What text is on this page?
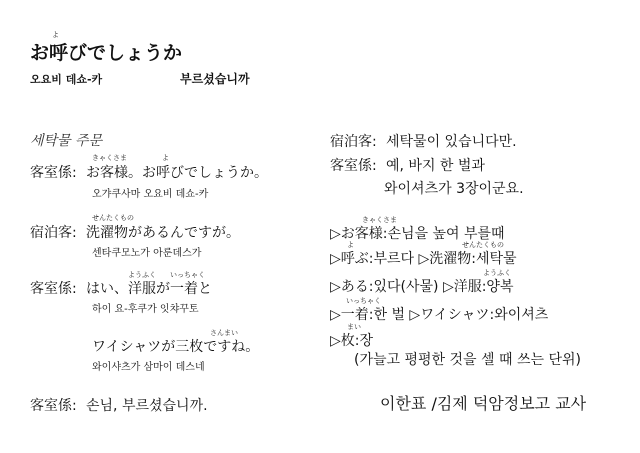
よ
お呼びでしょうか
오요비 데쇼-카	부르셨습니까
세탁물 주문
きゃくさま	よ
客室係: お客様。お呼びでしょうか。
오갸쿠사마 오요비 데쇼-카
せんたくもの
宿泊客: 洗濯物があるんですが。
센타쿠모노가 아룬데스가
ようふく いっちゃく
客室係: はい、洋服が一着と
하이 요-후쿠가 잇챠꾸토
さんまい
ワイシャツが三枚ですね。
와이샤츠가 삼마이 데스네
客室係: 손님, 부르셨습니까.
宿泊客: 세탁물이 있습니다만.
客室係: 예, 바지 한 벌과
와이셔츠가 3장이군요.
きゃくさま
▷お客様:손님을 높여 부를때
よ	せんたくもの
▷呼ぶ:부르다 ▷洗濯物:세탁물
ようふく
▷ある:있다(사물) ▷洋服:양복
いっちゃく
▷一着:한 벌 ▷ワイシャツ:와이셔츠
まい
▷枚:장
(가늘고 평평한 것을 셀 때 쓰는 단위)
이한표 /김제 덕암정보고 교사
